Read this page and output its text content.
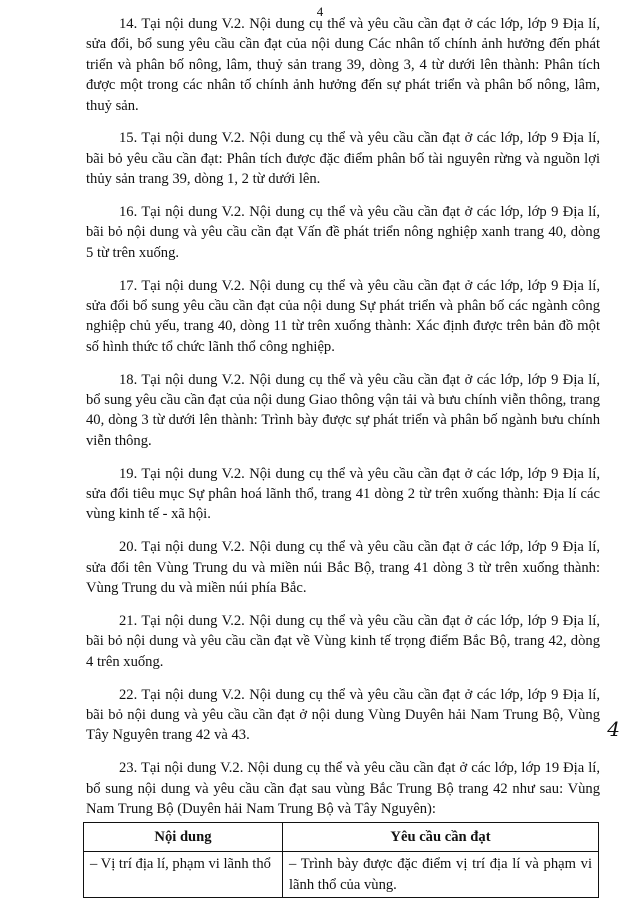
4

14. Tại nội dung V.2. Nội dung cụ thể và yêu cầu cần đạt ở các lớp, lớp 9 Địa lí, sửa đổi, bổ sung yêu cầu cần đạt của nội dung Các nhân tố chính ảnh hưởng đến phát triển và phân bố nông, lâm, thuỷ sản trang 39, dòng 3, 4 từ dưới lên thành: Phân tích được một trong các nhân tố chính ảnh hưởng đến sự phát triển và phân bố nông, lâm, thuỷ sản.

15. Tại nội dung V.2. Nội dung cụ thể và yêu cầu cần đạt ở các lớp, lớp 9 Địa lí, bãi bỏ yêu cầu cần đạt: Phân tích được đặc điểm phân bố tài nguyên rừng và nguồn lợi thủy sản trang 39, dòng 1, 2 từ dưới lên.

16. Tại nội dung V.2. Nội dung cụ thể và yêu cầu cần đạt ở các lớp, lớp 9 Địa lí, bãi bỏ nội dung và yêu cầu cần đạt Vấn đề phát triển nông nghiệp xanh trang 40, dòng 5 từ trên xuống.

17. Tại nội dung V.2. Nội dung cụ thể và yêu cầu cần đạt ở các lớp, lớp 9 Địa lí, sửa đổi bổ sung yêu cầu cần đạt của nội dung Sự phát triển và phân bố các ngành công nghiệp chủ yếu, trang 40, dòng 11 từ trên xuống thành: Xác định được trên bản đồ một số hình thức tổ chức lãnh thổ công nghiệp.

18. Tại nội dung V.2. Nội dung cụ thể và yêu cầu cần đạt ở các lớp, lớp 9 Địa lí, bổ sung yêu cầu cần đạt của nội dung Giao thông vận tải và bưu chính viễn thông, trang 40, dòng 3 từ dưới lên thành: Trình bày được sự phát triển và phân bố ngành bưu chính viễn thông.

19. Tại nội dung V.2. Nội dung cụ thể và yêu cầu cần đạt ở các lớp, lớp 9 Địa lí, sửa đổi tiêu mục Sự phân hoá lãnh thổ, trang 41 dòng 2 từ trên xuống thành: Địa lí các vùng kinh tế - xã hội.

20. Tại nội dung V.2. Nội dung cụ thể và yêu cầu cần đạt ở các lớp, lớp 9 Địa lí, sửa đổi tên Vùng Trung du và miền núi Bắc Bộ, trang 41 dòng 3 từ trên xuống thành: Vùng Trung du và miền núi phía Bắc.

21. Tại nội dung V.2. Nội dung cụ thể và yêu cầu cần đạt ở các lớp, lớp 9 Địa lí, bãi bỏ nội dung và yêu cầu cần đạt về Vùng kinh tế trọng điểm Bắc Bộ, trang 42, dòng 4 trên xuống.

22. Tại nội dung V.2. Nội dung cụ thể và yêu cầu cần đạt ở các lớp, lớp 9 Địa lí, bãi bỏ nội dung và yêu cầu cần đạt ở nội dung Vùng Duyên hải Nam Trung Bộ, Vùng Tây Nguyên trang 42 và 43.

23. Tại nội dung V.2. Nội dung cụ thể và yêu cầu cần đạt ở các lớp, lớp 19 Địa lí, bổ sung nội dung và yêu cầu cần đạt sau vùng Bắc Trung Bộ trang 42 như sau: Vùng Nam Trung Bộ (Duyên hải Nam Trung Bộ và Tây Nguyên):

Nội dung	Yêu cầu cần đạt
– Vị trí địa lí, phạm vi lãnh thổ	– Trình bày được đặc điểm vị trí địa lí và phạm vi lãnh thổ của vùng.
4
